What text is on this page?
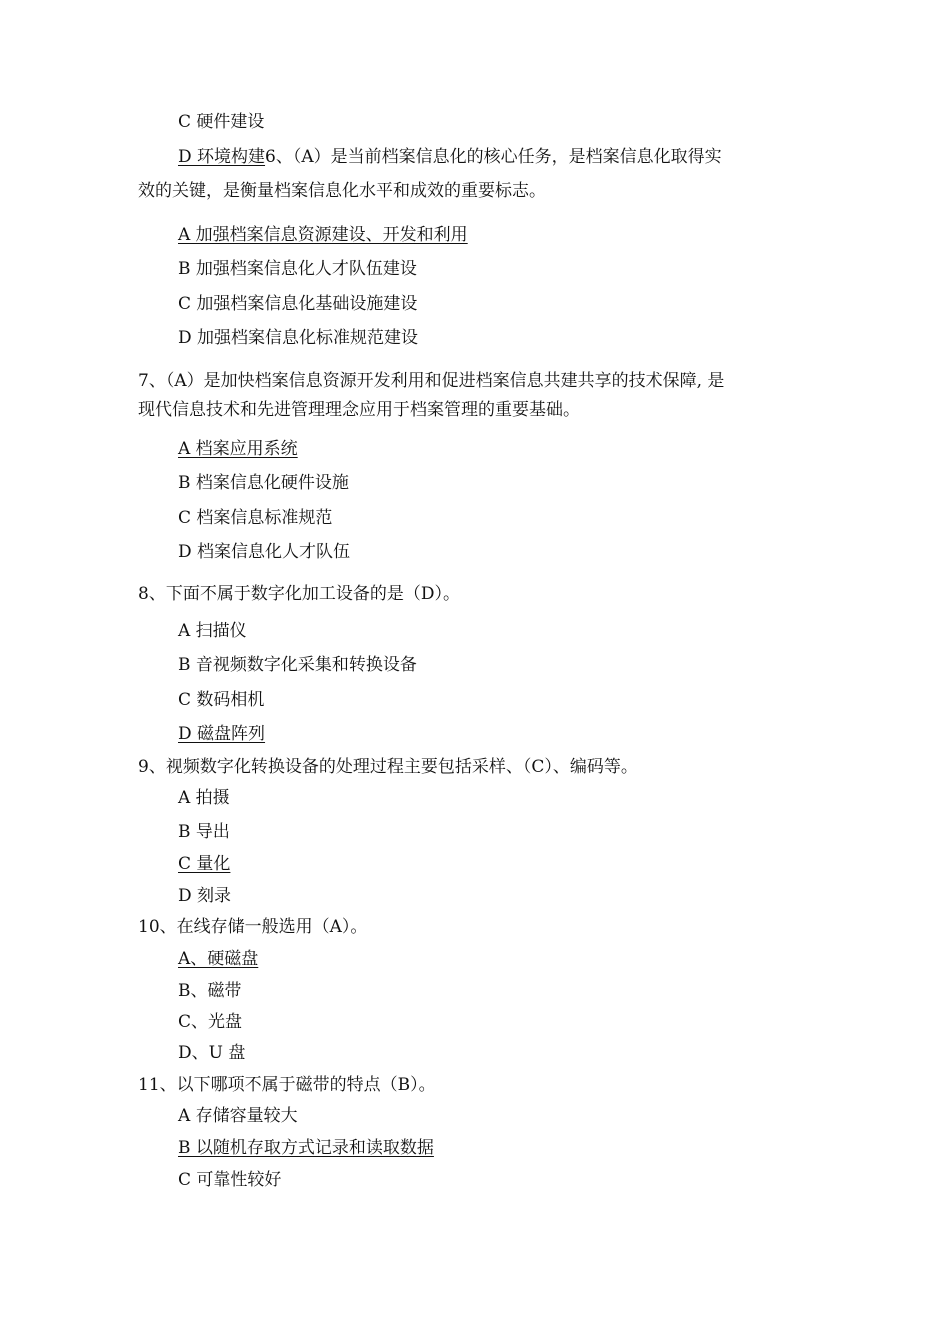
C 硬件建设
D 环境构建6、（A）是当前档案信息化的核心任务，是档案信息化取得实
效的关键，是衡量档案信息化水平和成效的重要标志。
A 加强档案信息资源建设、开发和利用
B 加强档案信息化人才队伍建设
C 加强档案信息化基础设施建设
D 加强档案信息化标准规范建设
7、（A）是加快档案信息资源开发利用和促进档案信息共建共享的技术保障, 是
现代信息技术和先进管理理念应用于档案管理的重要基础。
A 档案应用系统
B 档案信息化硬件设施
C 档案信息标准规范
D 档案信息化人才队伍
8、下面不属于数字化加工设备的是（D）。
A 扫描仪
B 音视频数字化采集和转换设备
C 数码相机
D 磁盘阵列
9、视频数字化转换设备的处理过程主要包括采样、（C）、编码等。
A 拍摄
B 导出
C 量化
D 刻录
10、在线存储一般选用（A）。
A、硬磁盘
B、磁带
C、光盘
D、U 盘
11、以下哪项不属于磁带的特点（B）。
A 存储容量较大
B 以随机存取方式记录和读取数据
C 可靠性较好
